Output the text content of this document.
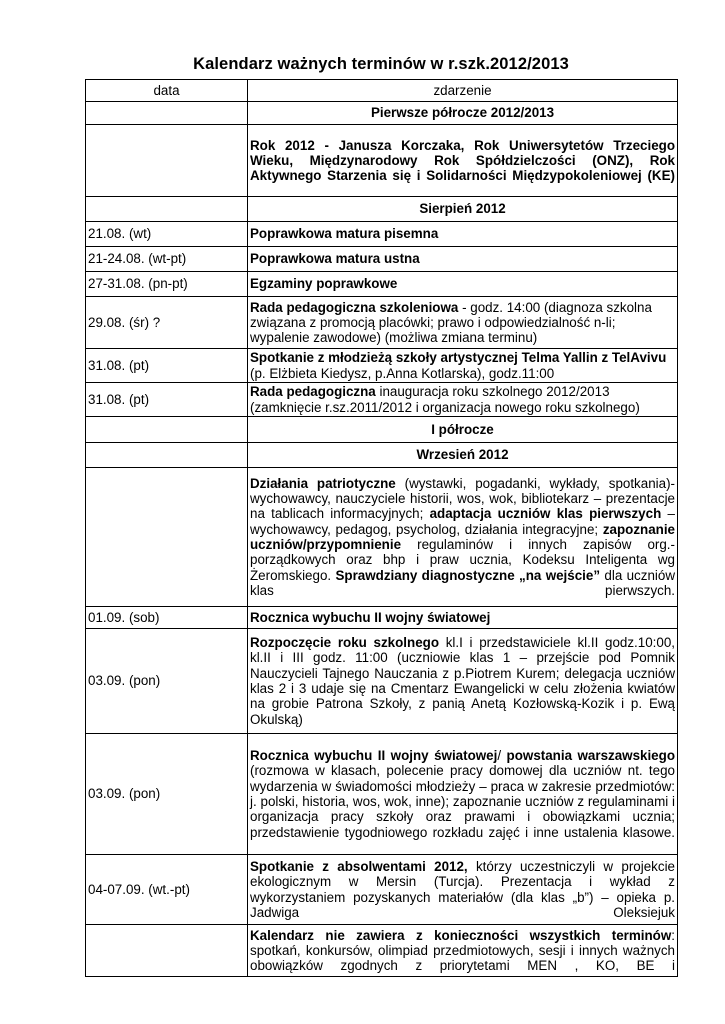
Kalendarz ważnych terminów w r.szk.2012/2013
data	zdarzenie
	Pierwsze półrocze 2012/2013
	Rok 2012 - Janusza Korczaka, Rok Uniwersytetów Trzeciego Wieku, Międzynarodowy Rok Spółdzielczości (ONZ), Rok Aktywnego Starzenia się i Solidarności Międzypokoleniowej (KE)
	Sierpień 2012
21.08. (wt)	Poprawkowa matura pisemna
21-24.08. (wt-pt)	Poprawkowa matura ustna
27-31.08. (pn-pt)	Egzaminy poprawkowe
29.08. (śr) ?	Rada pedagogiczna szkoleniowa - godz. 14:00 (diagnoza szkolna związana z promocją placówki; prawo i odpowiedzialność n-li; wypalenie zawodowe) (możliwa zmiana terminu)
31.08. (pt)	Spotkanie z młodzieżą szkoły artystycznej Telma Yallin z TelAvivu (p. Elżbieta Kiedysz, p.Anna Kotlarska), godz.11:00
31.08. (pt)	Rada pedagogiczna inauguracja roku szkolnego 2012/2013 (zamknięcie r.sz.2011/2012 i organizacja nowego roku szkolnego)
	I półrocze
	Wrzesień 2012
	Działania patriotyczne (wystawki, pogadanki, wykłady, spotkania)- wychowawcy, nauczyciele historii, wos, wok, bibliotekarz – prezentacje na tablicach informacyjnych; adaptacja uczniów klas pierwszych – wychowawcy, pedagog, psycholog, działania integracyjne; zapoznanie uczniów/przypomnienie regulaminów i innych zapisów org.-porządkowych oraz bhp i praw ucznia, Kodeksu Inteligenta wg Żeromskiego. Sprawdziany diagnostyczne „na wejście” dla uczniów klas pierwszych.
01.09. (sob)	Rocznica wybuchu II wojny światowej
03.09. (pon)	Rozpoczęcie roku szkolnego kl.I i przedstawiciele kl.II godz.10:00, kl.II i III godz. 11:00 (uczniowie klas 1 – przejście pod Pomnik Nauczycieli Tajnego Nauczania z p.Piotrem Kurem; delegacja uczniów klas 2 i 3 udaje się na Cmentarz Ewangelicki w celu złożenia kwiatów na grobie Patrona Szkoły, z panią Anetą Kozłowską-Kozik i p. Ewą Okulską)
03.09. (pon)	Rocznica wybuchu II wojny światowej/ powstania warszawskiego (rozmowa w klasach, polecenie pracy domowej dla uczniów nt. tego wydarzenia w świadomości młodzieży – praca w zakresie przedmiotów: j. polski, historia, wos, wok, inne); zapoznanie uczniów z regulaminami i organizacja pracy szkoły oraz prawami i obowiązkami ucznia; przedstawienie tygodniowego rozkładu zajęć i inne ustalenia klasowe.
04-07.09. (wt.-pt)	Spotkanie z absolwentami 2012, którzy uczestniczyli w projekcie ekologicznym w Mersin (Turcja). Prezentacja i wykład z wykorzystaniem pozyskanych materiałów (dla klas „b”) – opieka p. Jadwiga Oleksiejuk
	Kalendarz nie zawiera z konieczności wszystkich terminów: spotkań, konkursów, olimpiad przedmiotowych, sesji i innych ważnych obowiązków zgodnych z priorytetami MEN , KO, BE i
